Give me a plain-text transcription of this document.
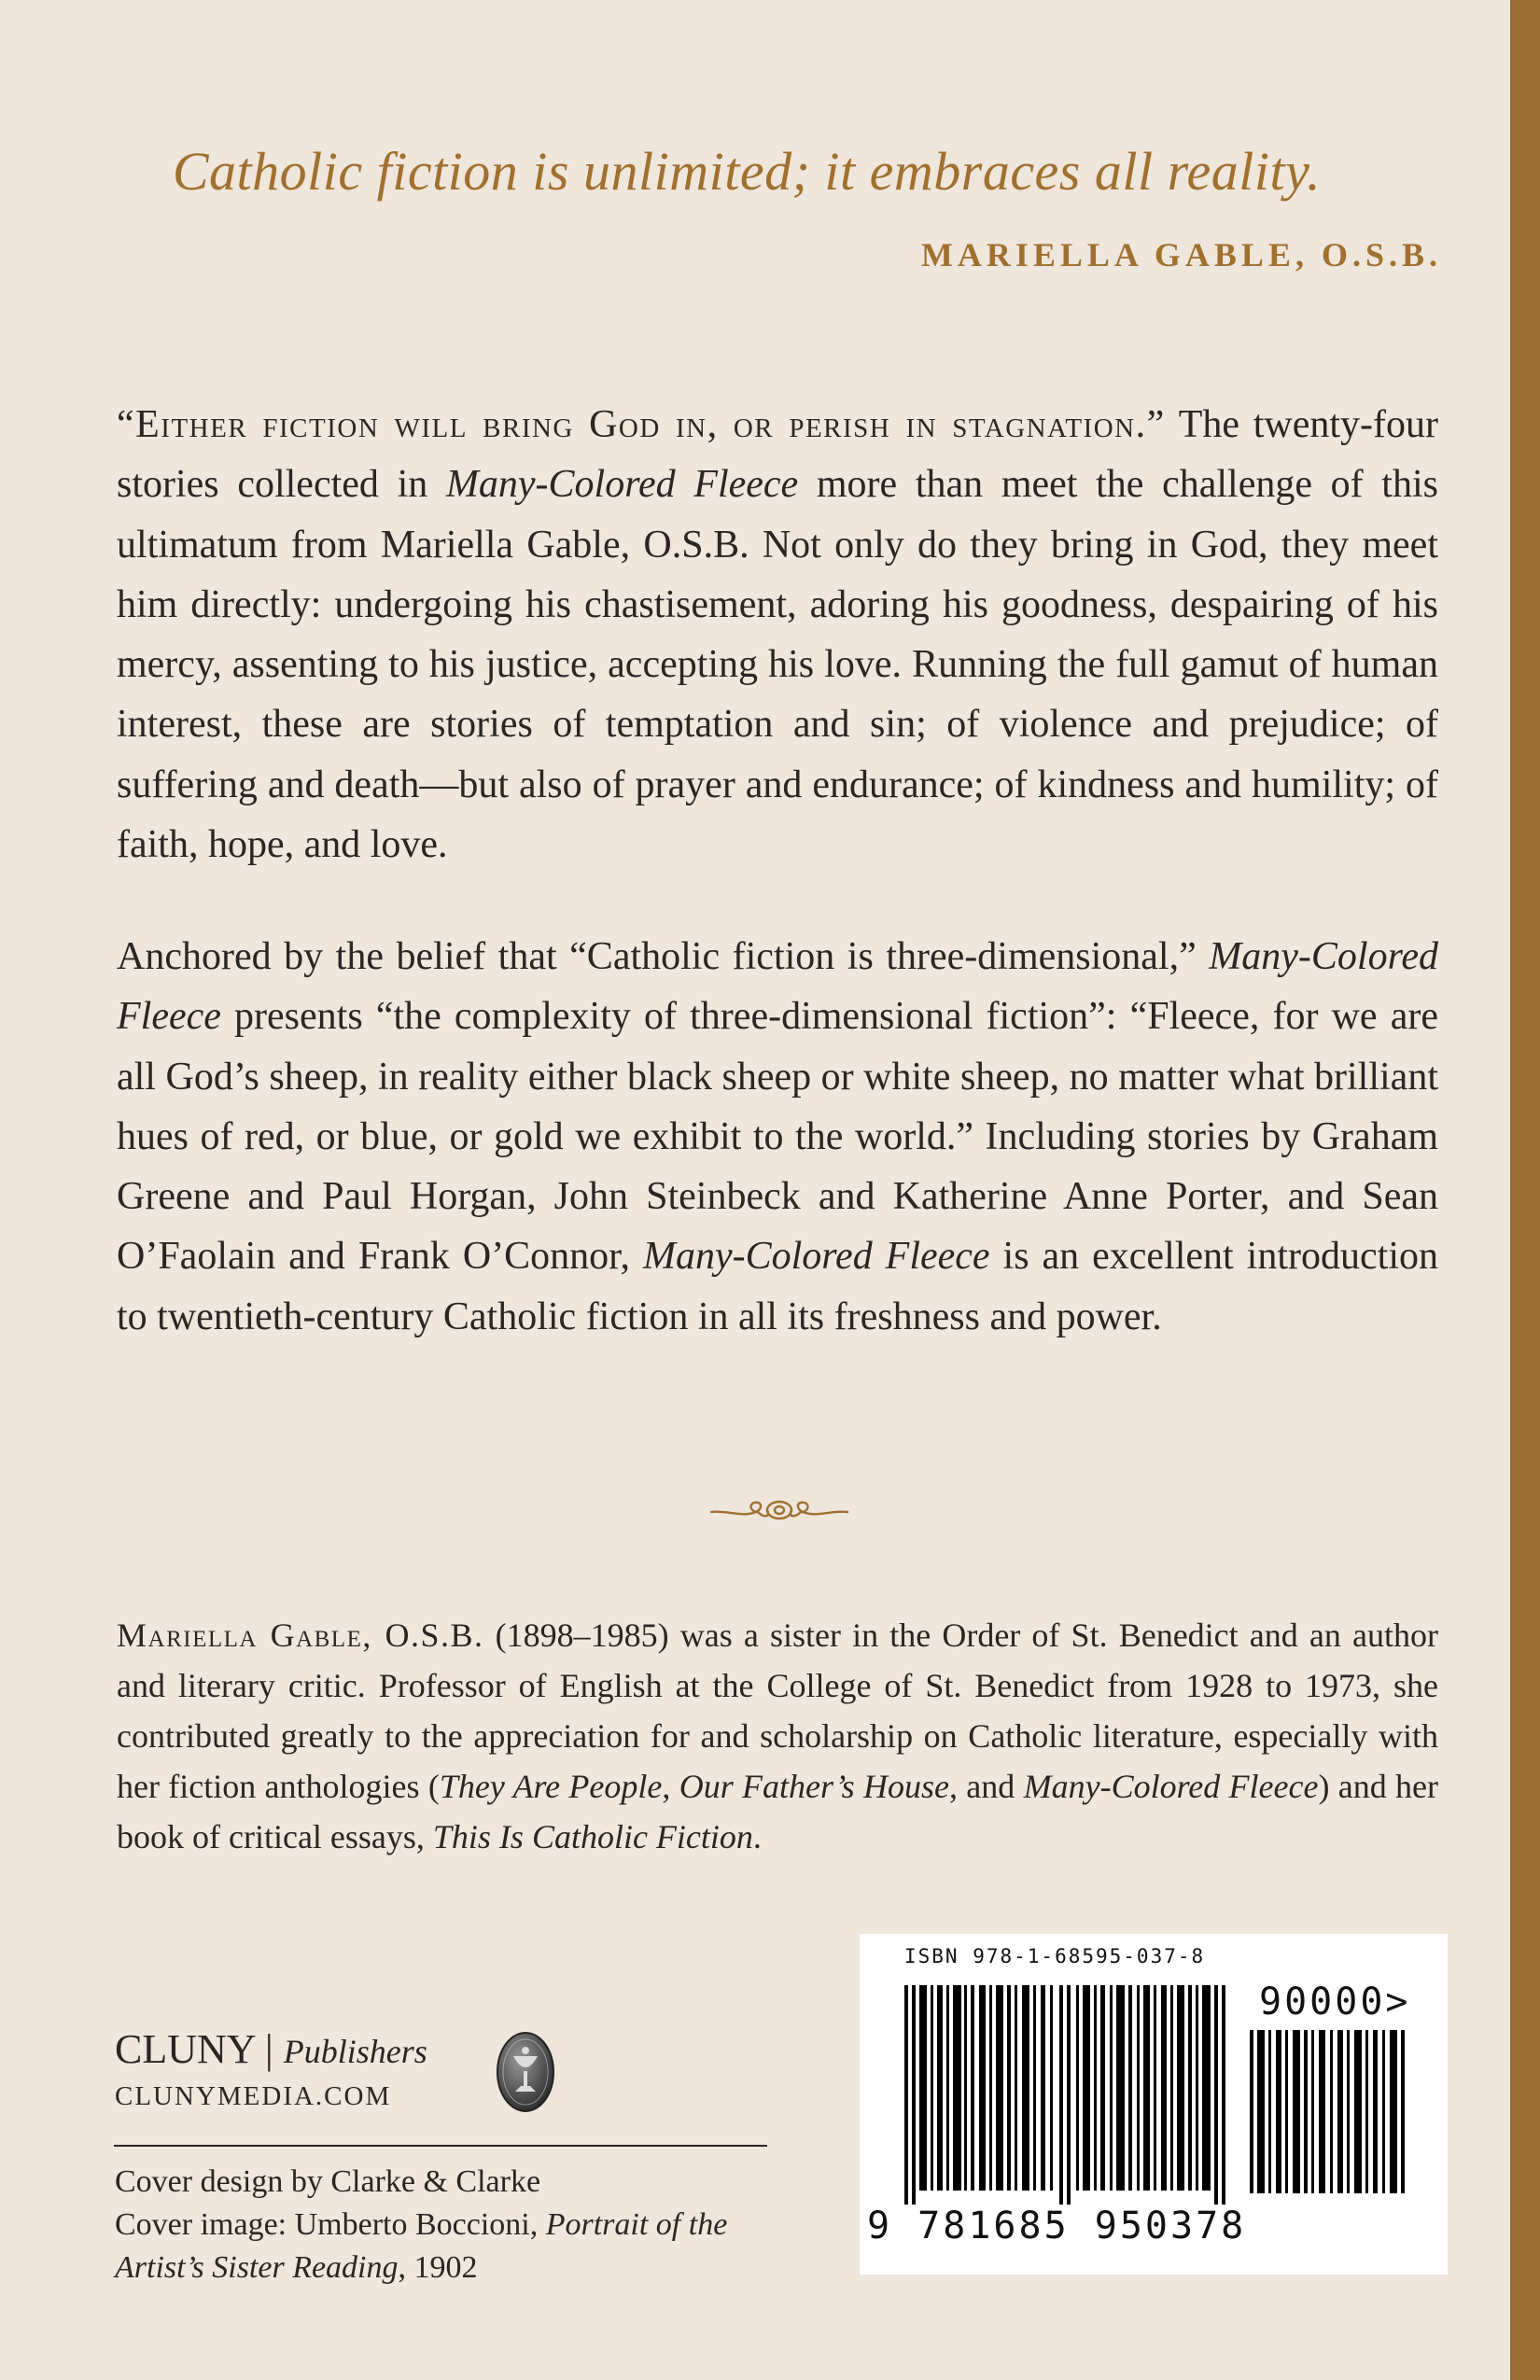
Catholic fiction is unlimited; it embraces all reality.
MARIELLA GABLE, O.S.B.
“Either fiction will bring God in, or perish in stagnation.” The twenty-four stories collected in Many-Colored Fleece more than meet the challenge of this ultimatum from Mariella Gable, O.S.B. Not only do they bring in God, they meet him directly: undergoing his chastisement, adoring his goodness, despairing of his mercy, assenting to his justice, accepting his love. Running the full gamut of human interest, these are stories of temptation and sin; of violence and prejudice; of suffering and death—but also of prayer and endurance; of kindness and humility; of faith, hope, and love.
Anchored by the belief that “Catholic fiction is three-dimensional,” Many-Colored Fleece presents “the complexity of three-dimensional fiction”: “Fleece, for we are all God’s sheep, in reality either black sheep or white sheep, no matter what brilliant hues of red, or blue, or gold we exhibit to the world.” Including stories by Graham Greene and Paul Horgan, John Steinbeck and Katherine Anne Porter, and Sean O’Faolain and Frank O’Connor, Many-Colored Fleece is an excellent introduction to twentieth-century Catholic fiction in all its freshness and power.
Mariella Gable, O.S.B. (1898–1985) was a sister in the Order of St. Benedict and an author and literary critic. Professor of English at the College of St. Benedict from 1928 to 1973, she contributed greatly to the appreciation for and scholarship on Catholic literature, especially with her fiction anthologies (They Are People, Our Father’s House, and Many-Colored Fleece) and her book of critical essays, This Is Catholic Fiction.
CLUNY | Publishers
CLUNYMEDIA.COM
Cover design by Clarke & Clarke
Cover image: Umberto Boccioni, Portrait of the Artist’s Sister Reading, 1902
ISBN 978-1-68595-037-8
90000>
9 781685 950378
